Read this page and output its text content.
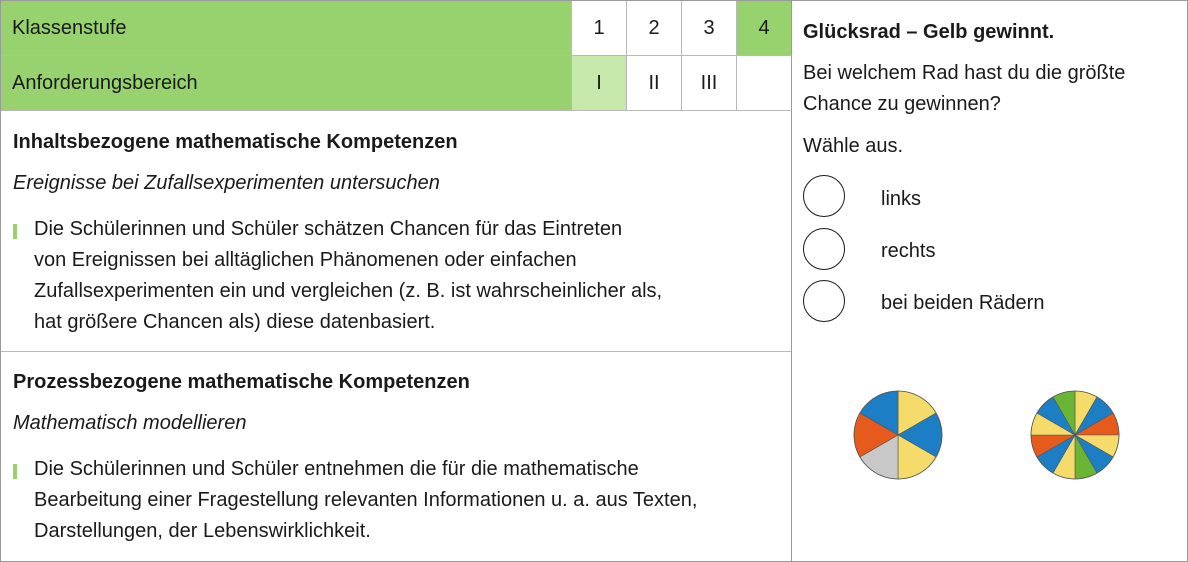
Klassenstufe	1 2 3 4
Anforderungsbereich	I II III
Inhaltsbezogene mathematische Kompetenzen
Ereignisse bei Zufallsexperimenten untersuchen
Die Schülerinnen und Schüler schätzen Chancen für das Eintreten
von Ereignissen bei alltäglichen Phänomenen oder einfachen
Zufallsexperimenten ein und vergleichen (z. B. ist wahrscheinlicher als,
hat größere Chancen als) diese datenbasiert.
Prozessbezogene mathematische Kompetenzen
Mathematisch modellieren
Die Schülerinnen und Schüler entnehmen die für die mathematische
Bearbeitung einer Fragestellung relevanten Informationen u. a. aus Texten,
Darstellungen, der Lebenswirklichkeit.
Glücksrad – Gelb gewinnt.
Bei welchem Rad hast du die größte
Chance zu gewinnen?
Wähle aus.
links
rechts
bei beiden Rädern
